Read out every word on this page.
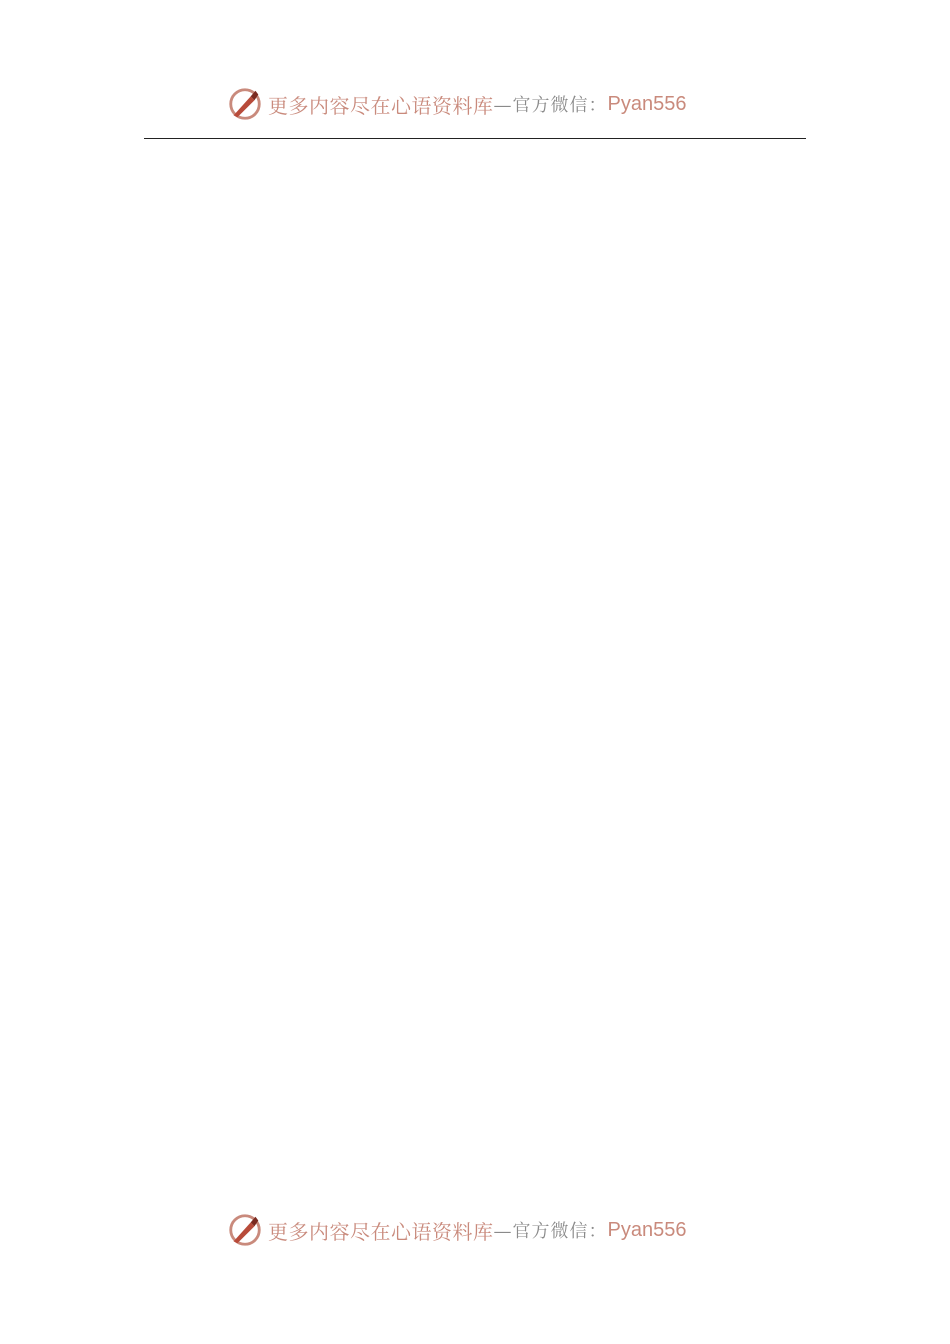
更多内容尽在心语资料库 —官方微信： Pyan556

更多内容尽在心语资料库 —官方微信： Pyan556
